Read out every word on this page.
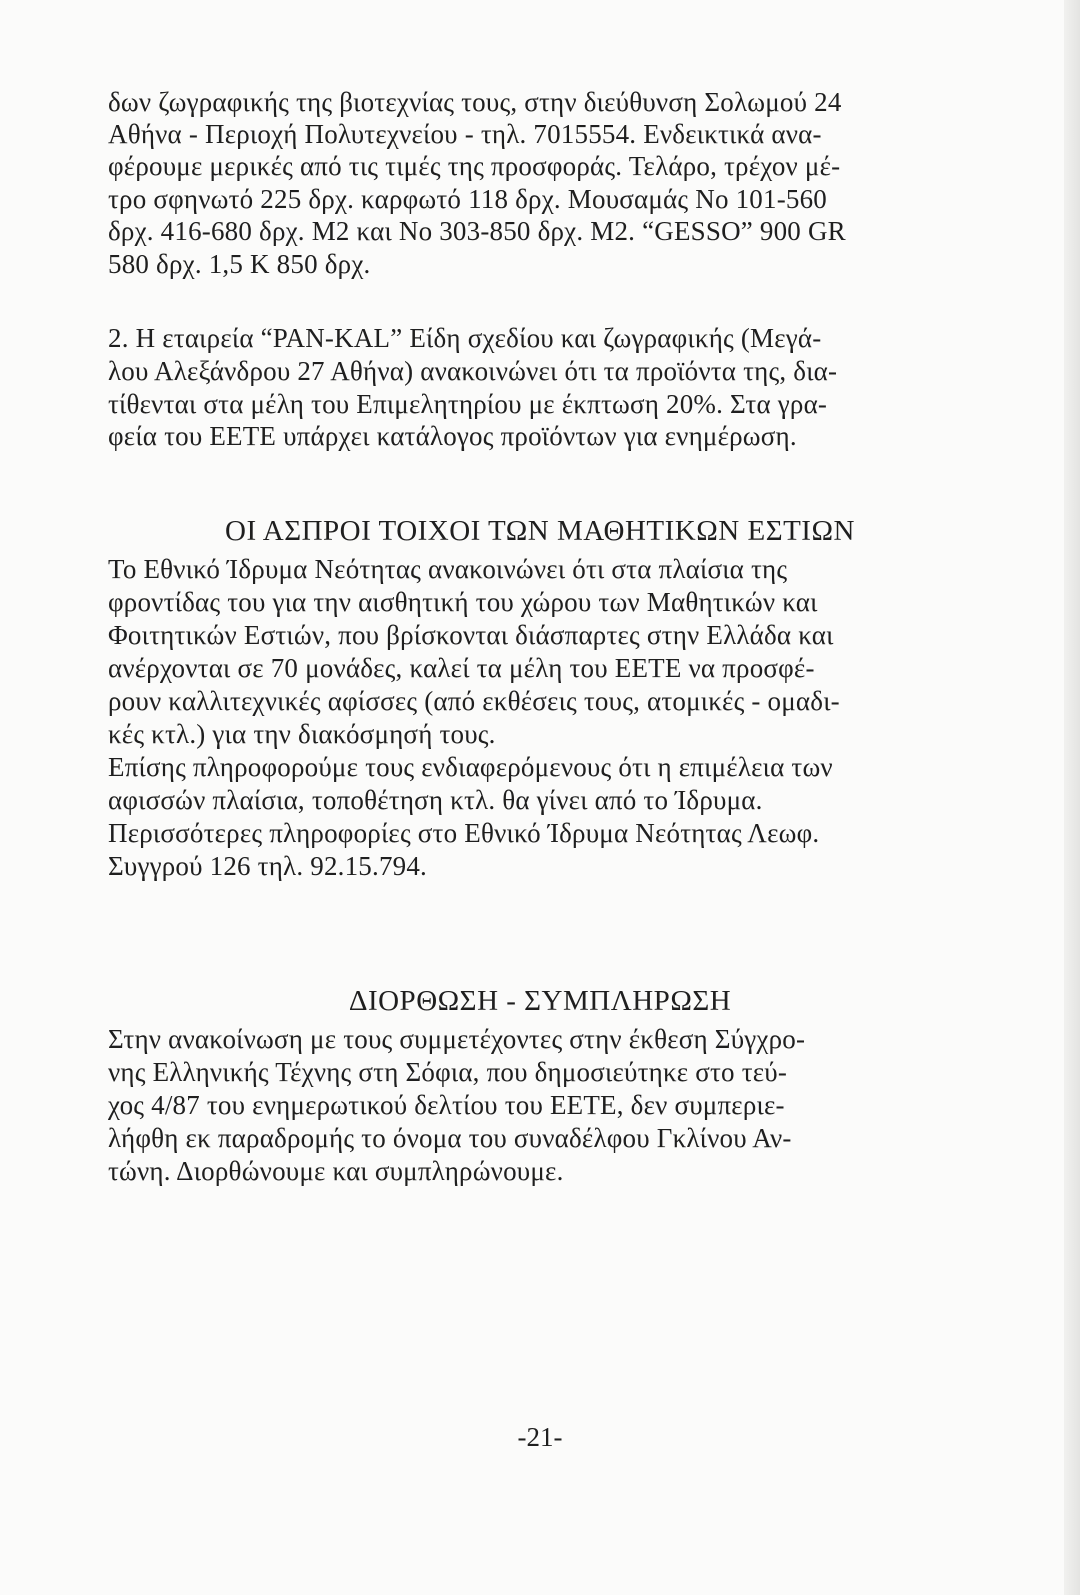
δων ζωγραφικής της βιοτεχνίας τους, στην διεύθυνση Σολωμού 24
Αθήνα - Περιοχή Πολυτεχνείου - τηλ. 7015554. Ενδεικτικά ανα-
φέρουμε μερικές από τις τιμές της προσφοράς. Τελάρο, τρέχον μέ-
τρο σφηνωτό 225 δρχ. καρφωτό 118 δρχ. Μουσαμάς Νο 101-560
δρχ. 416-680 δρχ. Μ2 και Νο 303-850 δρχ. Μ2. “GESSO” 900 GR
580 δρχ. 1,5 Κ 850 δρχ.
2. Η εταιρεία “PAN-KAL” Είδη σχεδίου και ζωγραφικής (Μεγά-
λου Αλεξάνδρου 27 Αθήνα) ανακοινώνει ότι τα προϊόντα της, δια-
τίθενται στα μέλη του Επιμελητηρίου με έκπτωση 20%. Στα γρα-
φεία του ΕΕΤΕ υπάρχει κατάλογος προϊόντων για ενημέρωση.
ΟΙ ΑΣΠΡΟΙ ΤΟΙΧΟΙ ΤΩΝ ΜΑΘΗΤΙΚΩΝ ΕΣΤΙΩΝ
Το Εθνικό Ίδρυμα Νεότητας ανακοινώνει ότι στα πλαίσια της
φροντίδας του για την αισθητική του χώρου των Μαθητικών και
Φοιτητικών Εστιών, που βρίσκονται διάσπαρτες στην Ελλάδα και
ανέρχονται σε 70 μονάδες, καλεί τα μέλη του ΕΕΤΕ να προσφέ-
ρουν καλλιτεχνικές αφίσσες (από εκθέσεις τους, ατομικές - ομαδι-
κές κτλ.) για την διακόσμησή τους.
Επίσης πληροφορούμε τους ενδιαφερόμενους ότι η επιμέλεια των
αφισσών πλαίσια, τοποθέτηση κτλ. θα γίνει από το Ίδρυμα.
Περισσότερες πληροφορίες στο Εθνικό Ίδρυμα Νεότητας Λεωφ.
Συγγρού 126 τηλ. 92.15.794.
ΔΙΟΡΘΩΣΗ - ΣΥΜΠΛΗΡΩΣΗ
Στην ανακοίνωση με τους συμμετέχοντες στην έκθεση Σύγχρο-
νης Ελληνικής Τέχνης στη Σόφια, που δημοσιεύτηκε στο τεύ-
χος 4/87 του ενημερωτικού δελτίου του ΕΕΤΕ, δεν συμπεριε-
λήφθη εκ παραδρομής το όνομα του συναδέλφου Γκλίνου Αν-
τώνη. Διορθώνουμε και συμπληρώνουμε.
-21-
